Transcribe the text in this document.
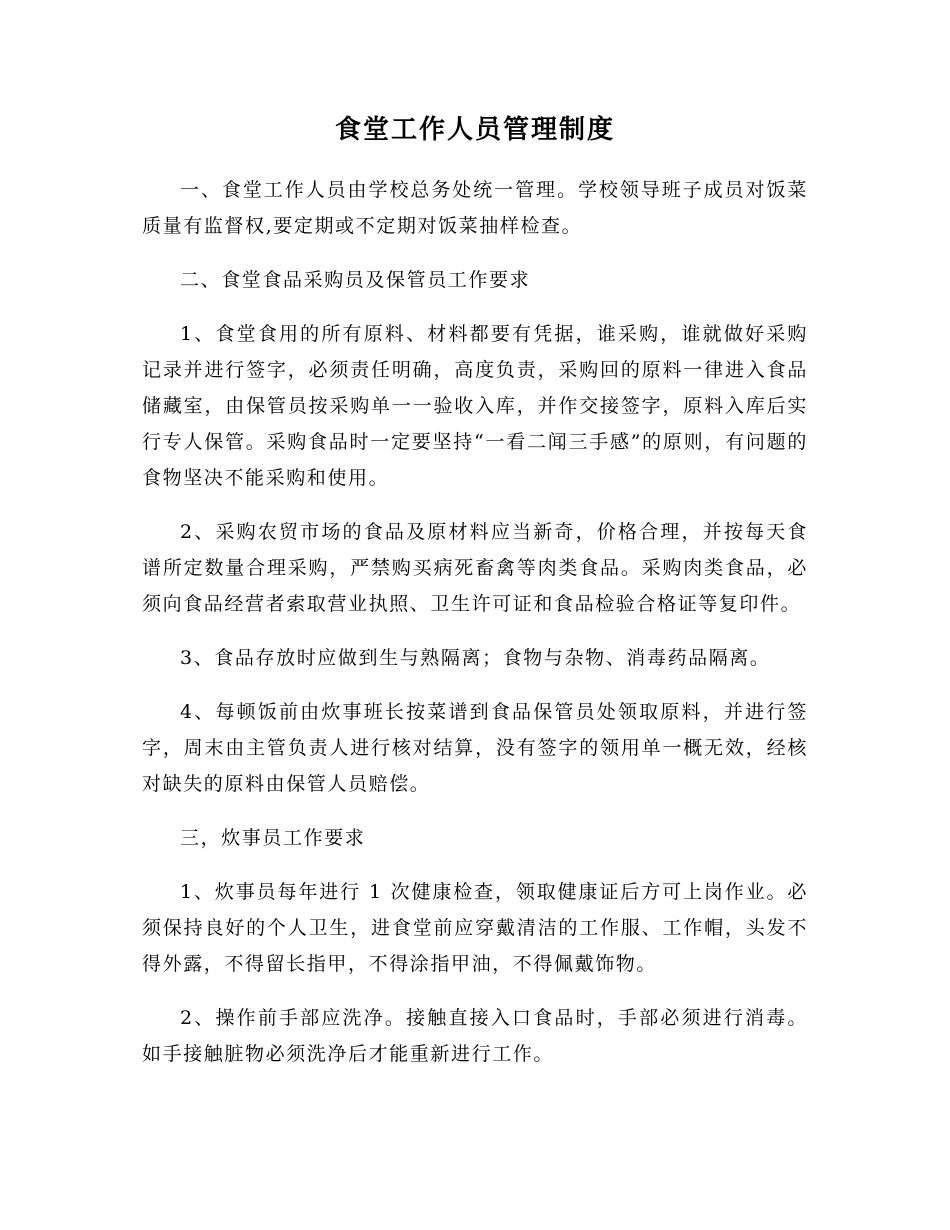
食堂工作人员管理制度

一、食堂工作人员由学校总务处统一管理。学校领导班子成员对饭菜质量有监督权,要定期或不定期对饭菜抽样检查。

二、食堂食品采购员及保管员工作要求

1、食堂食用的所有原料、材料都要有凭据，谁采购，谁就做好采购记录并进行签字，必须责任明确，高度负责，采购回的原料一律进入食品储藏室，由保管员按采购单一一验收入库，并作交接签字，原料入库后实行专人保管。采购食品时一定要坚持“一看二闻三手感”的原则，有问题的食物坚决不能采购和使用。

2、采购农贸市场的食品及原材料应当新奇，价格合理，并按每天食谱所定数量合理采购，严禁购买病死畜禽等肉类食品。采购肉类食品，必须向食品经营者索取营业执照、卫生许可证和食品检验合格证等复印件。

3、食品存放时应做到生与熟隔离；食物与杂物、消毒药品隔离。

4、每顿饭前由炊事班长按菜谱到食品保管员处领取原料，并进行签字，周末由主管负责人进行核对结算，没有签字的领用单一概无效，经核对缺失的原料由保管人员赔偿。

三，炊事员工作要求

1、炊事员每年进行 1 次健康检查，领取健康证后方可上岗作业。必须保持良好的个人卫生，进食堂前应穿戴清洁的工作服、工作帽，头发不得外露，不得留长指甲，不得涂指甲油，不得佩戴饰物。

2、操作前手部应洗净。接触直接入口食品时，手部必须进行消毒。 如手接触脏物必须洗净后才能重新进行工作。
